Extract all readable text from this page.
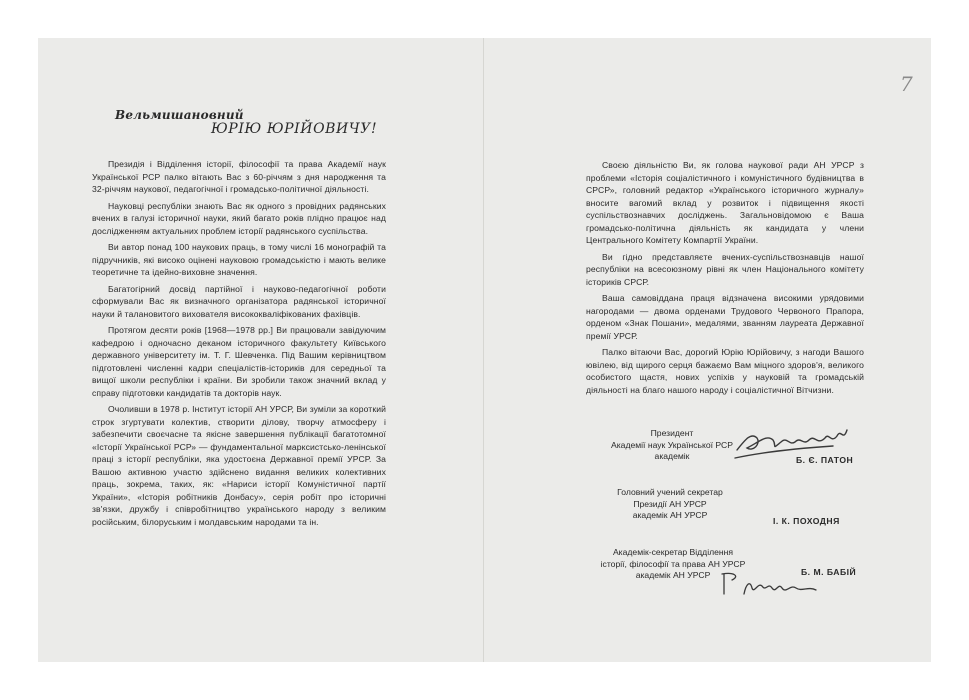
7
Вельмишановний
ЮРІЮ ЮРІЙОВИЧУ!

Президія і Відділення історії, філософії та права Академії наук Української РСР палко вітають Вас з 60-річчям з дня народження та 32-річчям наукової, педагогічної і громадсько-політичної діяльності.

Науковці республіки знають Вас як одного з провідних радянських вчених в галузі історичної науки, який багато років плідно працює над дослідженням актуальних проблем історії радянського суспільства.

Ви автор понад 100 наукових праць, в тому числі 16 монографій та підручників, які високо оцінені науковою громадськістю і мають велике теоретичне та ідейно-виховне значення.

Багатогірний досвід партійної і науково-педагогічної роботи сформували Вас як визначного організатора радянської історичної науки й талановитого вихователя висококваліфікованих фахівців.

Протягом десяти років [1968—1978 рр.] Ви працювали завідуючим кафедрою і одночасно деканом історичного факультету Київського державного університету ім. Т. Г. Шевченка. Під Вашим керівництвом підготовлені численні кадри спеціалістів-істориків для середньої та вищої школи республіки і країни. Ви зробили також значний вклад у справу підготовки кандидатів та докторів наук.

Очоливши в 1978 р. Інститут історії АН УРСР, Ви зуміли за короткий строк згуртувати колектив, створити ділову, творчу атмосферу і забезпечити своєчасне та якісне завершення публікації багатотомної «Історії Української РСР» — фундаментальної марксистсько-ленінської праці з історії республіки, яка удостоєна Державної премії УРСР. За Вашою активною участю здійснено видання великих колективних праць, зокрема, таких, як: «Нариси історії Комуністичної партії України», «Історія робітників Донбасу», серія робіт про історичні зв'язки, дружбу і співробітництво українського народу з великим російським, білоруським і молдавським народами та ін.

Своєю діяльністю Ви, як голова наукової ради АН УРСР з проблеми «Історія соціалістичного і комуністичного будівництва в СРСР», головний редактор «Українського історичного журналу» вносите вагомий вклад у розвиток і підвищення якості суспільствознавчих досліджень. Загальновідомою є Ваша громадсько-політична діяльність як кандидата у члени Центрального Комітету Компартії України.

Ви гідно представляєте вчених-суспільствознавців нашої республіки на всесоюзному рівні як член Національного комітету істориків СРСР.

Ваша самовіддана праця відзначена високими урядовими нагородами — двома орденами Трудового Червоного Прапора, орденом «Знак Пошани», медалями, званням лауреата Державної премії УРСР.

Палко вітаючи Вас, дорогий Юрію Юрійовичу, з нагоди Вашого ювілею, від щирого серця бажаємо Вам міцного здоров'я, великого особистого щастя, нових успіхів у науковій та громадській діяльності на благо нашого народу і соціалістичної Вітчизни.

Президент
Академії наук Української РСР
академік	Б. Є. ПАТОН
Головний учений секретар
Президії АН УРСР
академік АН УРСР
І. К. ПОХОДНЯ
Академік-секретар Відділення
історії, філософії та права АН УРСР
академік АН УРСР	Б. М. БАБІЙ
